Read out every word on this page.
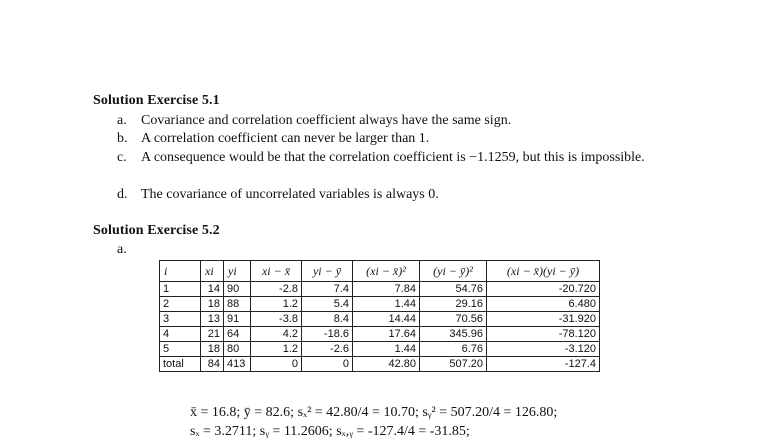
Solution Exercise 5.1
a. Covariance and correlation coefficient always have the same sign.
b. A correlation coefficient can never be larger than 1.
c. A consequence would be that the correlation coefficient is −1.1259, but this is impossible.
d. The covariance of uncorrelated variables is always 0.
Solution Exercise 5.2
a.
i	xi	yi	xi − x̄	yi − ȳ	(xi − x̄)²	(yi − ȳ)²	(xi − x̄)(yi − ȳ)
1	14	90	-2.8	7.4	7.84	54.76	-20.720
2	18	88	1.2	5.4	1.44	29.16	6.480
3	13	91	-3.8	8.4	14.44	70.56	-31.920
4	21	64	4.2	-18.6	17.64	345.96	-78.120
5	18	80	1.2	-2.6	1.44	6.76	-3.120
total	84	413	0	0	42.80	507.20	-127.4
x̄ = 16.8; ȳ = 82.6; sₓ² = 42.80/4 = 10.70; sᵧ² = 507.20/4 = 126.80;
sₓ = 3.2711; sᵧ = 11.2606; sₓ,ᵧ = -127.4/4 = -31.85;
